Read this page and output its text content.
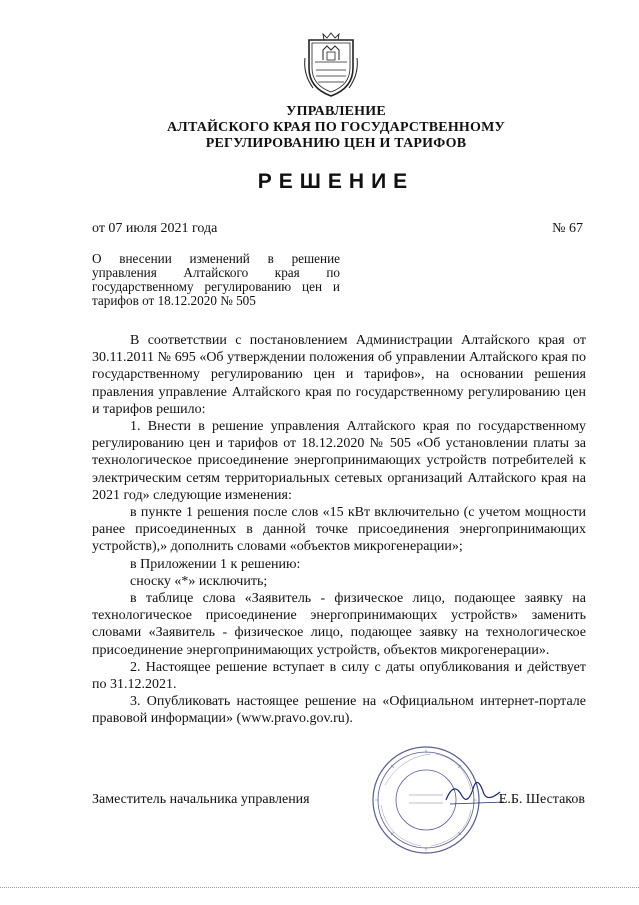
УПРАВЛЕНИЕ
АЛТАЙСКОГО КРАЯ ПО ГОСУДАРСТВЕННОМУ
РЕГУЛИРОВАНИЮ ЦЕН И ТАРИФОВ
РЕШЕНИЕ
от 07 июля 2021 года	№ 67
О внесении изменений в решение управления Алтайского края по государственному регулированию цен и тарифов от 18.12.2020 № 505

В соответствии с постановлением Администрации Алтайского края от 30.11.2011 № 695 «Об утверждении положения об управлении Алтайского края по государственному регулированию цен и тарифов», на основании решения правления управление Алтайского края по государственному регулированию цен и тарифов решило:

1. Внести в решение управления Алтайского края по государственному регулированию цен и тарифов от 18.12.2020 № 505 «Об установлении платы за технологическое присоединение энергопринимающих устройств потребителей к электрическим сетям территориальных сетевых организаций Алтайского края на 2021 год» следующие изменения:

в пункте 1 решения после слов «15 кВт включительно (с учетом мощности ранее присоединенных в данной точке присоединения энергопринимающих устройств),» дополнить словами «объектов микрогенерации»;

в Приложении 1 к решению:

сноску «*» исключить;

в таблице слова «Заявитель - физическое лицо, подающее заявку на технологическое присоединение энергопринимающих устройств» заменить словами «Заявитель - физическое лицо, подающее заявку на технологическое присоединение энергопринимающих устройств, объектов микрогенерации».

2. Настоящее решение вступает в силу с даты опубликования и действует по 31.12.2021.

3. Опубликовать настоящее решение на «Официальном интернет-портале правовой информации» (www.pravo.gov.ru).

Заместитель начальника управления	Е.Б. Шестаков
